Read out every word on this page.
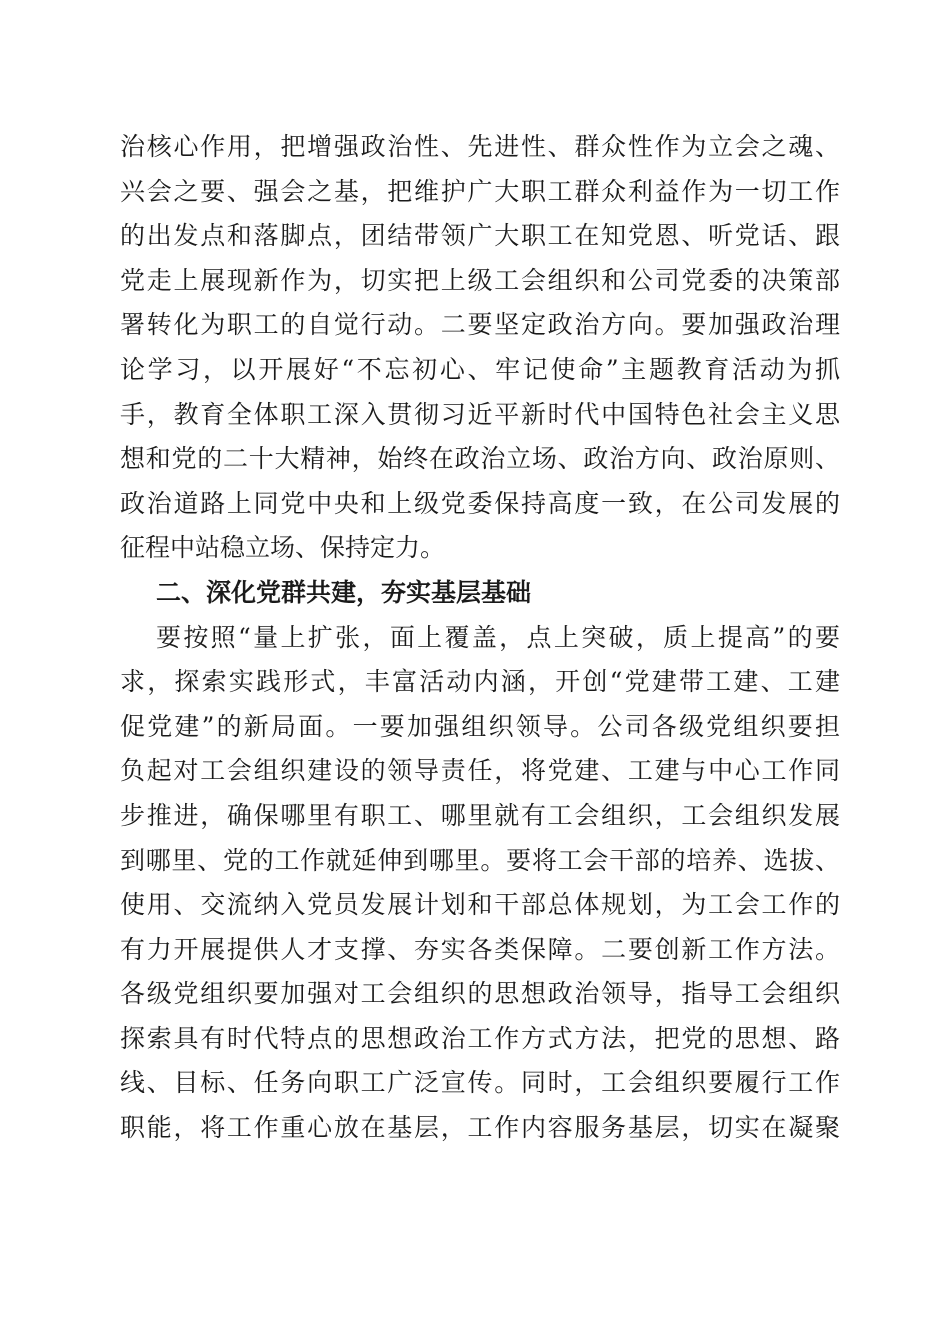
治核心作用，把增强政治性、先进性、群众性作为立会之魂、
兴会之要、强会之基，把维护广大职工群众利益作为一切工作
的出发点和落脚点，团结带领广大职工在知党恩、听党话、跟
党走上展现新作为，切实把上级工会组织和公司党委的决策部
署转化为职工的自觉行动。二要坚定政治方向。要加强政治理
论学习，以开展好“不忘初心、牢记使命”主题教育活动为抓
手，教育全体职工深入贯彻习近平新时代中国特色社会主义思
想和党的二十大精神，始终在政治立场、政治方向、政治原则、
政治道路上同党中央和上级党委保持高度一致，在公司发展的
征程中站稳立场、保持定力。
二、深化党群共建，夯实基层基础
要按照“量上扩张，面上覆盖，点上突破，质上提高”的要
求，探索实践形式，丰富活动内涵，开创“党建带工建、工建
促党建”的新局面。一要加强组织领导。公司各级党组织要担
负起对工会组织建设的领导责任，将党建、工建与中心工作同
步推进，确保哪里有职工、哪里就有工会组织，工会组织发展
到哪里、党的工作就延伸到哪里。要将工会干部的培养、选拔、
使用、交流纳入党员发展计划和干部总体规划，为工会工作的
有力开展提供人才支撑、夯实各类保障。二要创新工作方法。
各级党组织要加强对工会组织的思想政治领导，指导工会组织
探索具有时代特点的思想政治工作方式方法，把党的思想、路
线、目标、任务向职工广泛宣传。同时，工会组织要履行工作
职能，将工作重心放在基层，工作内容服务基层，切实在凝聚
